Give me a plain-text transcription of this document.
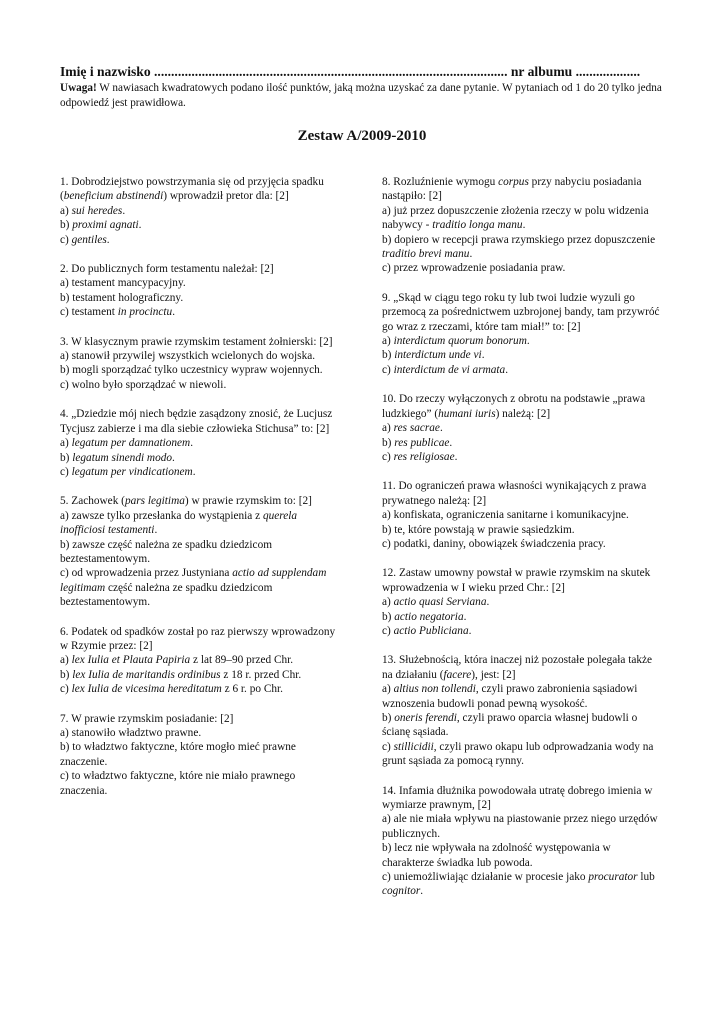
Imię i nazwisko ........................................................................................................ nr albumu ...................
Uwaga! W nawiasach kwadratowych podano ilość punktów, jaką można uzyskać za dane pytanie. W pytaniach od 1 do 20 tylko jedna odpowiedź jest prawidłowa.
Zestaw A/2009-2010

1. Dobrodziejstwo powstrzymania się od przyjęcia spadku (beneficium abstinendi) wprowadził pretor dla: [2]

a) sui heredes.

b) proximi agnati.

c) gentiles.

2. Do publicznych form testamentu należał: [2]

a) testament mancypacyjny.

b) testament holograficzny.

c) testament in procinctu.

3. W klasycznym prawie rzymskim testament żołnierski: [2]

a) stanowił przywilej wszystkich wcielonych do wojska.

b) mogli sporządzać tylko uczestnicy wypraw wojennych.

c) wolno było sporządzać w niewoli.

4. „Dziedzie mój niech będzie zasądzony znosić, że Lucjusz Tycjusz zabierze i ma dla siebie człowieka Stichusa” to: [2]

a) legatum per damnationem.

b) legatum sinendi modo.

c) legatum per vindicationem.

5. Zachowek (pars legitima) w prawie rzymskim to: [2]

a) zawsze tylko przesłanka do wystąpienia z querela inofficiosi testamenti.

b) zawsze część należna ze spadku dziedzicom beztestamentowym.

c) od wprowadzenia przez Justyniana actio ad supplendam legitimam część należna ze spadku dziedzicom beztestamentowym.

6. Podatek od spadków został po raz pierwszy wprowadzony w Rzymie przez: [2]

a) lex Iulia et Plauta Papiria z lat 89–90 przed Chr.

b) lex Iulia de maritandis ordinibus z 18 r. przed Chr.

c) lex Iulia de vicesima hereditatum z 6 r. po Chr.

7. W prawie rzymskim posiadanie: [2]

a) stanowiło władztwo prawne.

b) to władztwo faktyczne, które mogło mieć prawne znaczenie.

c) to władztwo faktyczne, które nie miało prawnego znaczenia.

8. Rozluźnienie wymogu corpus przy nabyciu posiadania nastąpiło: [2]

a) już przez dopuszczenie złożenia rzeczy w polu widzenia nabywcy - traditio longa manu.

b) dopiero w recepcji prawa rzymskiego przez dopuszczenie traditio brevi manu.

c) przez wprowadzenie posiadania praw.

9. „Skąd w ciągu tego roku ty lub twoi ludzie wyzuli go przemocą za pośrednictwem uzbrojonej bandy, tam przywróć go wraz z rzeczami, które tam miał!” to: [2]

a) interdictum quorum bonorum.

b) interdictum unde vi.

c) interdictum de vi armata.

10. Do rzeczy wyłączonych z obrotu na podstawie „prawa ludzkiego” (humani iuris) należą: [2]

a) res sacrae.

b) res publicae.

c) res religiosae.

11. Do ograniczeń prawa własności wynikających z prawa prywatnego należą: [2]

a) konfiskata, ograniczenia sanitarne i komunikacyjne.

b) te, które powstają w prawie sąsiedzkim.

c) podatki, daniny, obowiązek świadczenia pracy.

12. Zastaw umowny powstał w prawie rzymskim na skutek wprowadzenia w I wieku przed Chr.: [2]

a) actio quasi Serviana.

b) actio negatoria.

c) actio Publiciana.

13. Służebnością, która inaczej niż pozostałe polegała także na działaniu (facere), jest: [2]

a) altius non tollendi, czyli prawo zabronienia sąsiadowi wznoszenia budowli ponad pewną wysokość.

b) oneris ferendi, czyli prawo oparcia własnej budowli o ścianę sąsiada.

c) stillicidii, czyli prawo okapu lub odprowadzania wody na grunt sąsiada za pomocą rynny.

14. Infamia dłużnika powodowała utratę dobrego imienia w wymiarze prawnym, [2]

a) ale nie miała wpływu na piastowanie przez niego urzędów publicznych.

b) lecz nie wpływała na zdolność występowania w charakterze świadka lub powoda.

c) uniemożliwiając działanie w procesie jako procurator lub cognitor.
